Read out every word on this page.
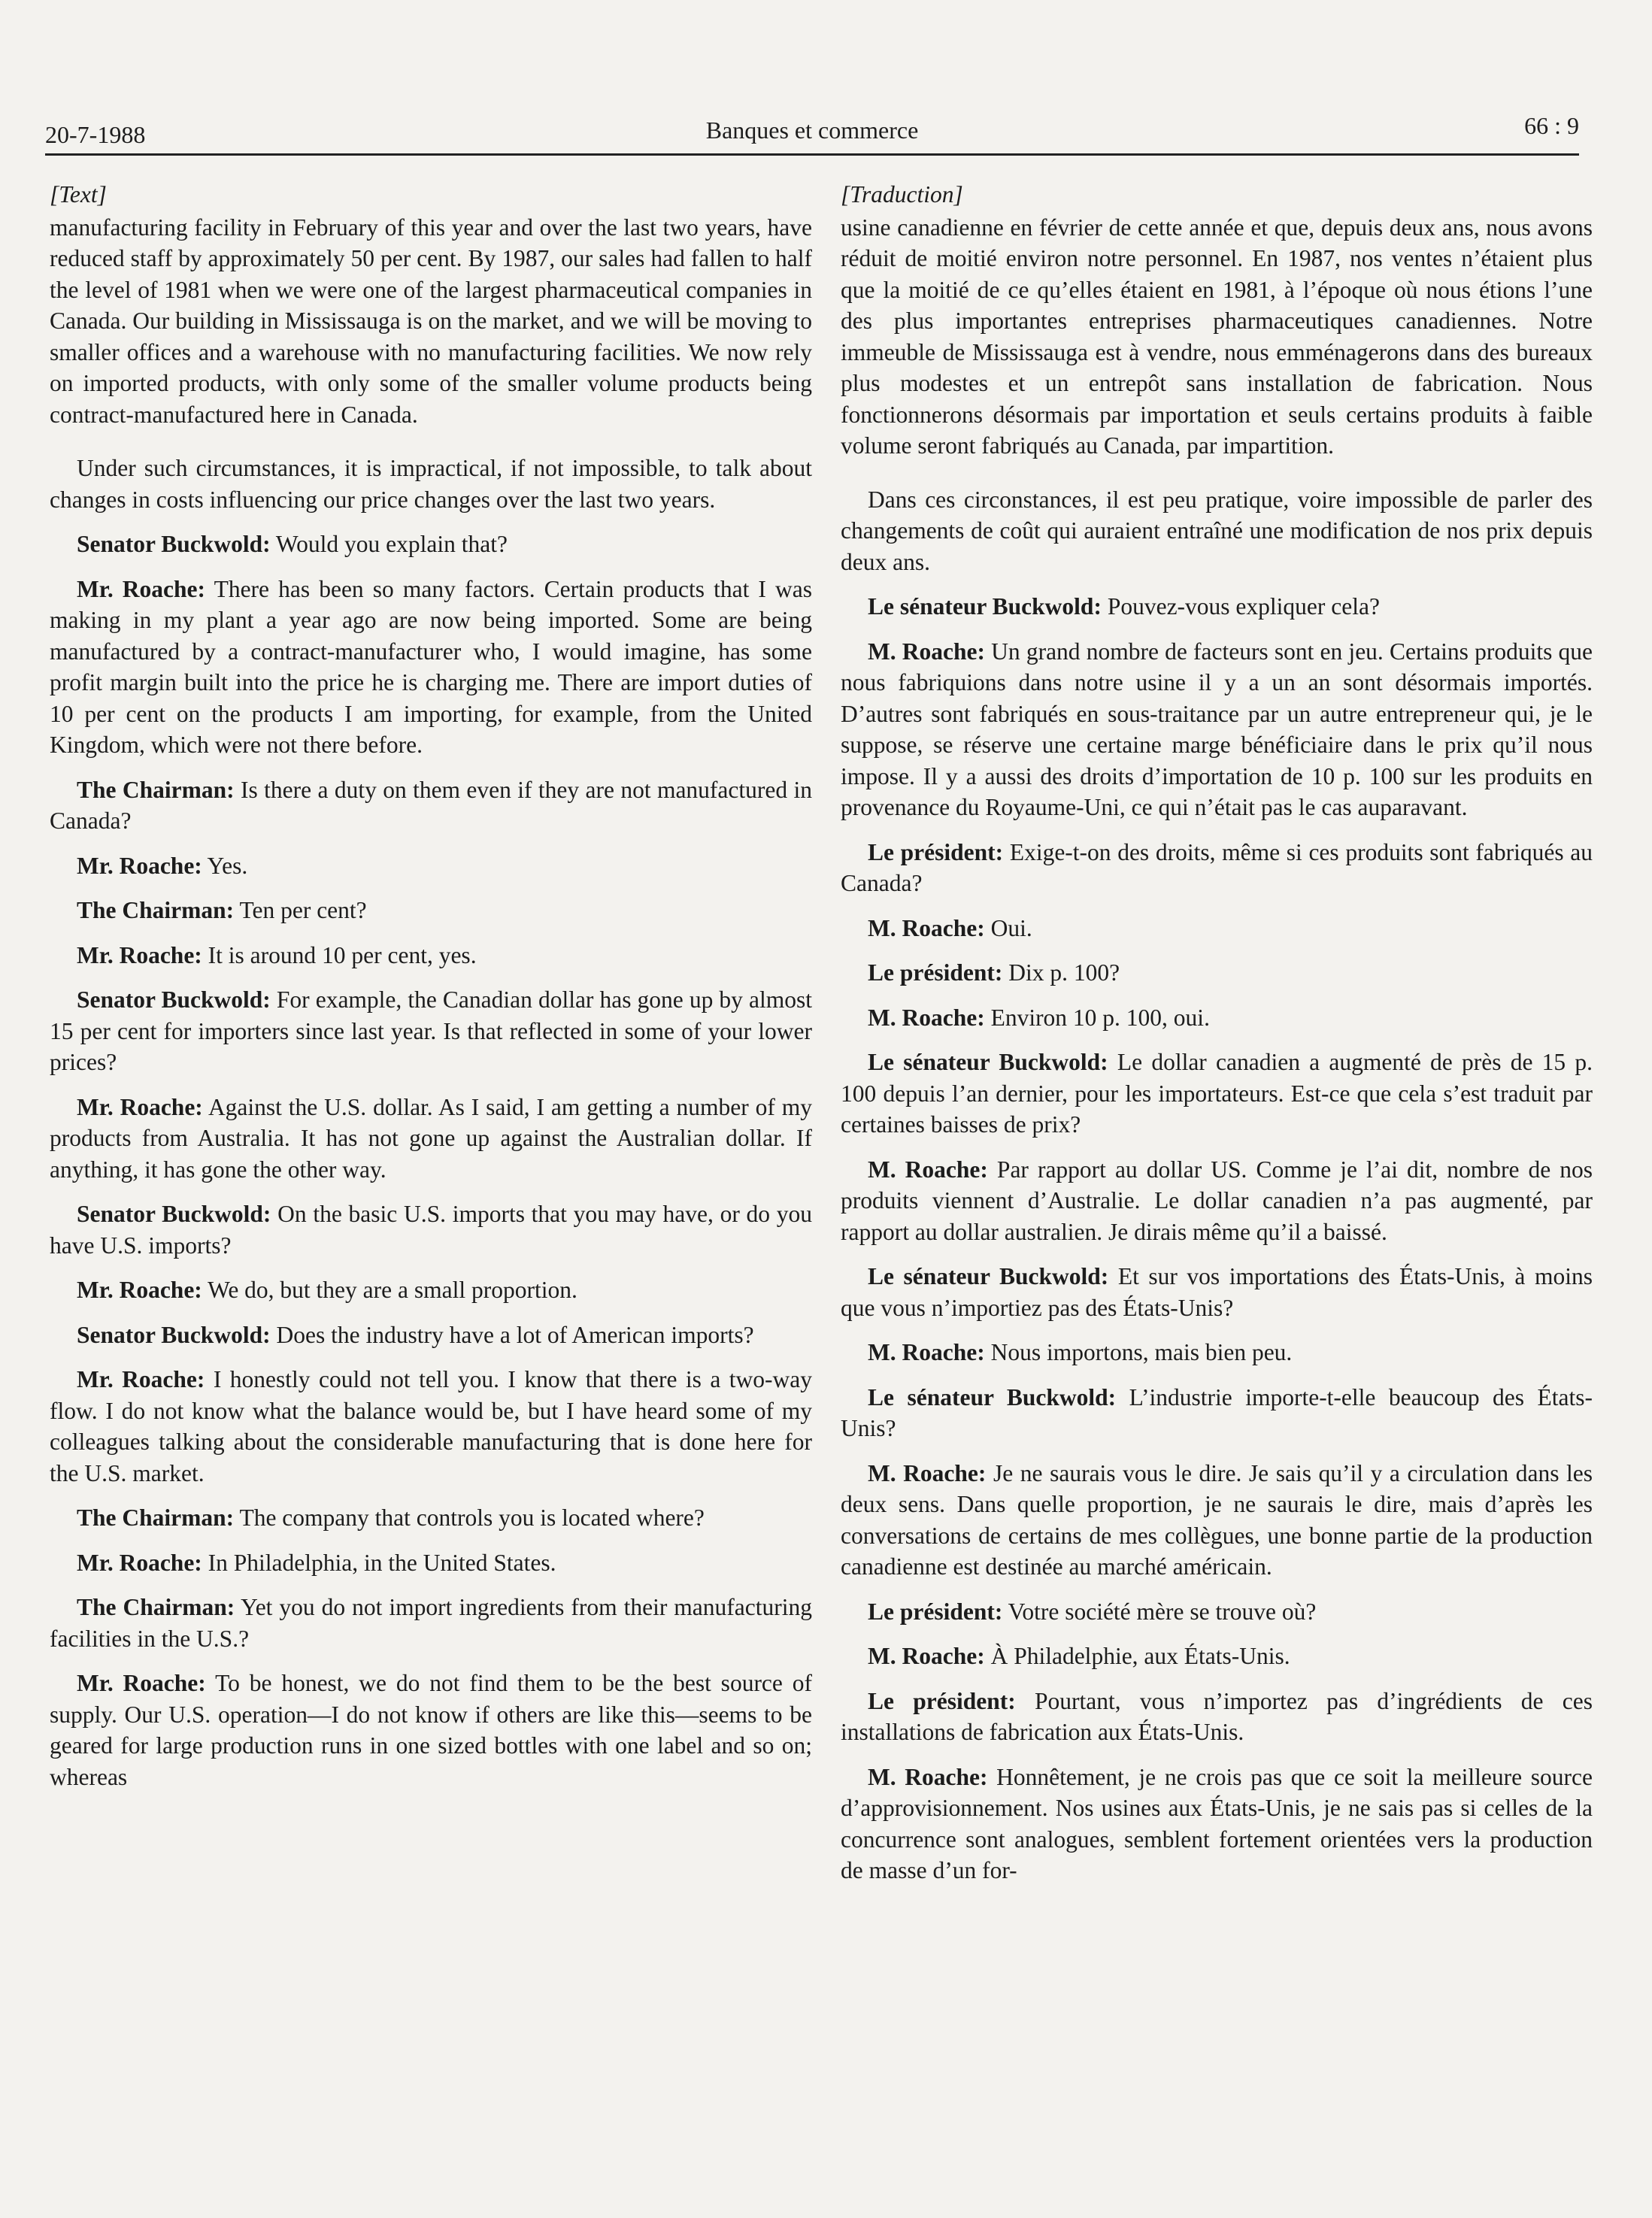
20-7-1988	Banques et commerce	66 : 9
[Text]

manufacturing facility in February of this year and over the last two years, have reduced staff by approximately 50 per cent. By 1987, our sales had fallen to half the level of 1981 when we were one of the largest pharmaceutical companies in Canada. Our building in Mississauga is on the market, and we will be moving to smaller offices and a warehouse with no manufacturing facilities. We now rely on imported products, with only some of the smaller volume products being contract-manufactured here in Canada.

Under such circumstances, it is impractical, if not impossible, to talk about changes in costs influencing our price changes over the last two years.

Senator Buckwold: Would you explain that?

Mr. Roache: There has been so many factors. Certain products that I was making in my plant a year ago are now being imported. Some are being manufactured by a contract-manufacturer who, I would imagine, has some profit margin built into the price he is charging me. There are import duties of 10 per cent on the products I am importing, for example, from the United Kingdom, which were not there before.

The Chairman: Is there a duty on them even if they are not manufactured in Canada?

Mr. Roache: Yes.

The Chairman: Ten per cent?

Mr. Roache: It is around 10 per cent, yes.

Senator Buckwold: For example, the Canadian dollar has gone up by almost 15 per cent for importers since last year. Is that reflected in some of your lower prices?

Mr. Roache: Against the U.S. dollar. As I said, I am getting a number of my products from Australia. It has not gone up against the Australian dollar. If anything, it has gone the other way.

Senator Buckwold: On the basic U.S. imports that you may have, or do you have U.S. imports?

Mr. Roache: We do, but they are a small proportion.

Senator Buckwold: Does the industry have a lot of American imports?

Mr. Roache: I honestly could not tell you. I know that there is a two-way flow. I do not know what the balance would be, but I have heard some of my colleagues talking about the considerable manufacturing that is done here for the U.S. market.

The Chairman: The company that controls you is located where?

Mr. Roache: In Philadelphia, in the United States.

The Chairman: Yet you do not import ingredients from their manufacturing facilities in the U.S.?

Mr. Roache: To be honest, we do not find them to be the best source of supply. Our U.S. operation—I do not know if others are like this—seems to be geared for large production runs in one sized bottles with one label and so on; whereas

[Traduction]

usine canadienne en février de cette année et que, depuis deux ans, nous avons réduit de moitié environ notre personnel. En 1987, nos ventes n’étaient plus que la moitié de ce qu’elles étaient en 1981, à l’époque où nous étions l’une des plus importantes entreprises pharmaceutiques canadiennes. Notre immeuble de Mississauga est à vendre, nous emménagerons dans des bureaux plus modestes et un entrepôt sans installation de fabrication. Nous fonctionnerons désormais par importation et seuls certains produits à faible volume seront fabriqués au Canada, par impartition.

Dans ces circonstances, il est peu pratique, voire impossible de parler des changements de coût qui auraient entraîné une modification de nos prix depuis deux ans.

Le sénateur Buckwold: Pouvez-vous expliquer cela?

M. Roache: Un grand nombre de facteurs sont en jeu. Certains produits que nous fabriquions dans notre usine il y a un an sont désormais importés. D’autres sont fabriqués en sous-traitance par un autre entrepreneur qui, je le suppose, se réserve une certaine marge bénéficiaire dans le prix qu’il nous impose. Il y a aussi des droits d’importation de 10 p. 100 sur les produits en provenance du Royaume-Uni, ce qui n’était pas le cas auparavant.

Le président: Exige-t-on des droits, même si ces produits sont fabriqués au Canada?

M. Roache: Oui.

Le président: Dix p. 100?

M. Roache: Environ 10 p. 100, oui.

Le sénateur Buckwold: Le dollar canadien a augmenté de près de 15 p. 100 depuis l’an dernier, pour les importateurs. Est-ce que cela s’est traduit par certaines baisses de prix?

M. Roache: Par rapport au dollar US. Comme je l’ai dit, nombre de nos produits viennent d’Australie. Le dollar canadien n’a pas augmenté, par rapport au dollar australien. Je dirais même qu’il a baissé.

Le sénateur Buckwold: Et sur vos importations des États-Unis, à moins que vous n’importiez pas des États-Unis?

M. Roache: Nous importons, mais bien peu.

Le sénateur Buckwold: L’industrie importe-t-elle beaucoup des États-Unis?

M. Roache: Je ne saurais vous le dire. Je sais qu’il y a circulation dans les deux sens. Dans quelle proportion, je ne saurais le dire, mais d’après les conversations de certains de mes collègues, une bonne partie de la production canadienne est destinée au marché américain.

Le président: Votre société mère se trouve où?

M. Roache: À Philadelphie, aux États-Unis.

Le président: Pourtant, vous n’importez pas d’ingrédients de ces installations de fabrication aux États-Unis.

M. Roache: Honnêtement, je ne crois pas que ce soit la meilleure source d’approvisionnement. Nos usines aux États-Unis, je ne sais pas si celles de la concurrence sont analogues, semblent fortement orientées vers la production de masse d’un for-
